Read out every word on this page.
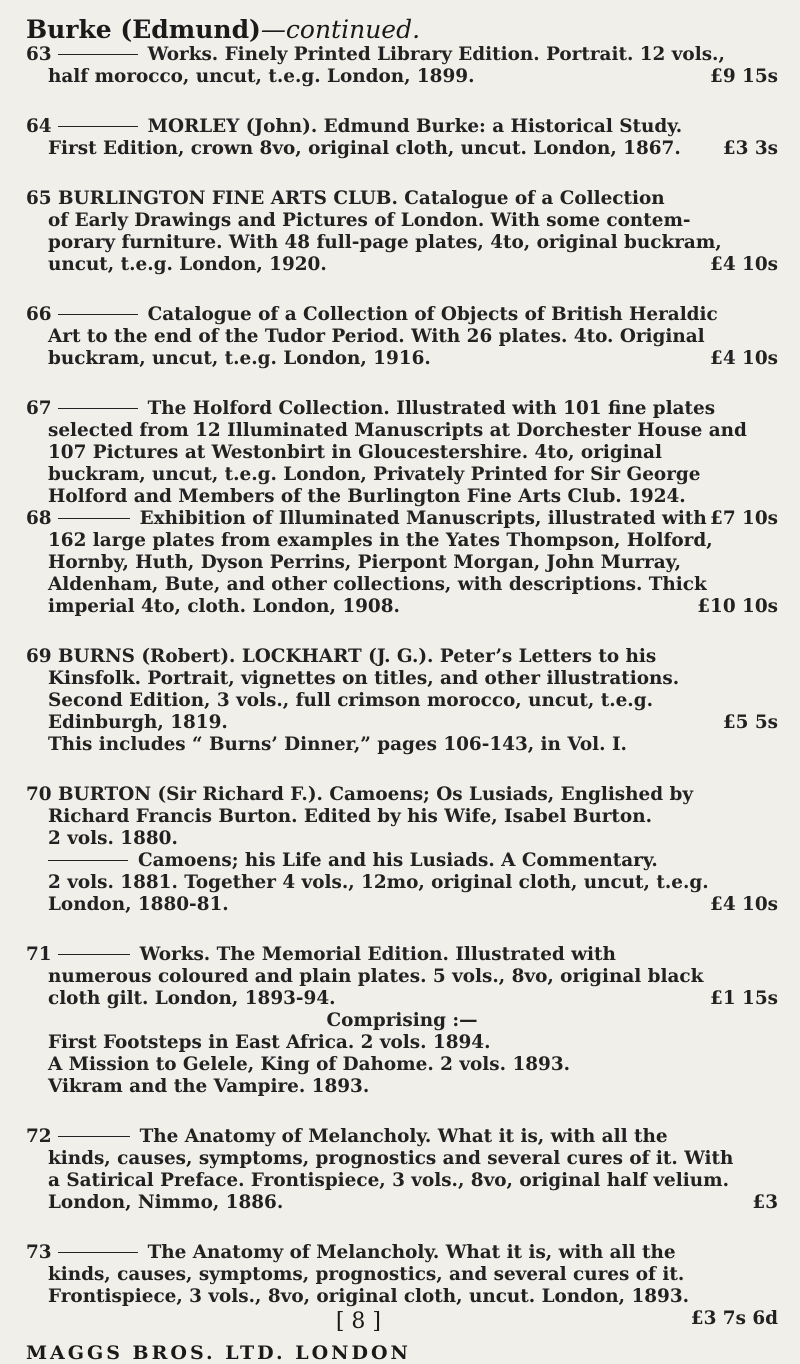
Burke (Edmund)—continued.
63	Works. Finely Printed Library Edition. Portrait. 12 vols.,
half morocco, uncut, t.e.g. London, 1899.	£9 15s
64	MORLEY (John). Edmund Burke: a Historical Study.
First Edition, crown 8vo, original cloth, uncut. London, 1867. £3 3s
65 BURLINGTON FINE ARTS CLUB. Catalogue of a Collection
of Early Drawings and Pictures of London. With some contem-
porary furniture. With 48 full-page plates, 4to, original buckram,
uncut, t.e.g. London, 1920.	£4 10s
66	Catalogue of a Collection of Objects of British Heraldic
Art to the end of the Tudor Period. With 26 plates. 4to. Original
buckram, uncut, t.e.g. London, 1916.	£4 10s
67	The Holford Collection. Illustrated with 101 fine plates
selected from 12 Illuminated Manuscripts at Dorchester House and
107 Pictures at Westonbirt in Gloucestershire. 4to, original
buckram, uncut, t.e.g. London, Privately Printed for Sir George
Holford and Members of the Burlington Fine Arts Club. 1924.
£7 10s
68	Exhibition of Illuminated Manuscripts, illustrated with
162 large plates from examples in the Yates Thompson, Holford,
Hornby, Huth, Dyson Perrins, Pierpont Morgan, John Murray,
Aldenham, Bute, and other collections, with descriptions. Thick
imperial 4to, cloth. London, 1908.	£10 10s
69 BURNS (Robert). LOCKHART (J. G.). Peter’s Letters to his
Kinsfolk. Portrait, vignettes on titles, and other illustrations.
Second Edition, 3 vols., full crimson morocco, uncut, t.e.g.
Edinburgh, 1819.	£5 5s
This includes “ Burns’ Dinner,” pages 106-143, in Vol. I.
70 BURTON (Sir Richard F.). Camoens; Os Lusiads, Englished by
Richard Francis Burton. Edited by his Wife, Isabel Burton.
2 vols. 1880.
Camoens; his Life and his Lusiads. A Commentary.
2 vols. 1881. Together 4 vols., 12mo, original cloth, uncut, t.e.g.
London, 1880-81.	£4 10s
71	Works. The Memorial Edition. Illustrated with
numerous coloured and plain plates. 5 vols., 8vo, original black
cloth gilt. London, 1893-94.	£1 15s
Comprising :—
First Footsteps in East Africa. 2 vols. 1894.
A Mission to Gelele, King of Dahome. 2 vols. 1893.
Vikram and the Vampire. 1893.
72	The Anatomy of Melancholy. What it is, with all the
kinds, causes, symptoms, prognostics and several cures of it. With
a Satirical Preface. Frontispiece, 3 vols., 8vo, original half velium.
London, Nimmo, 1886.	£3
73	The Anatomy of Melancholy. What it is, with all the
kinds, causes, symptoms, prognostics, and several cures of it.
Frontispiece, 3 vols., 8vo, original cloth, uncut. London, 1893.
£3 7s 6d
[ 8 ]
MAGGS BROS. LTD. LONDON
